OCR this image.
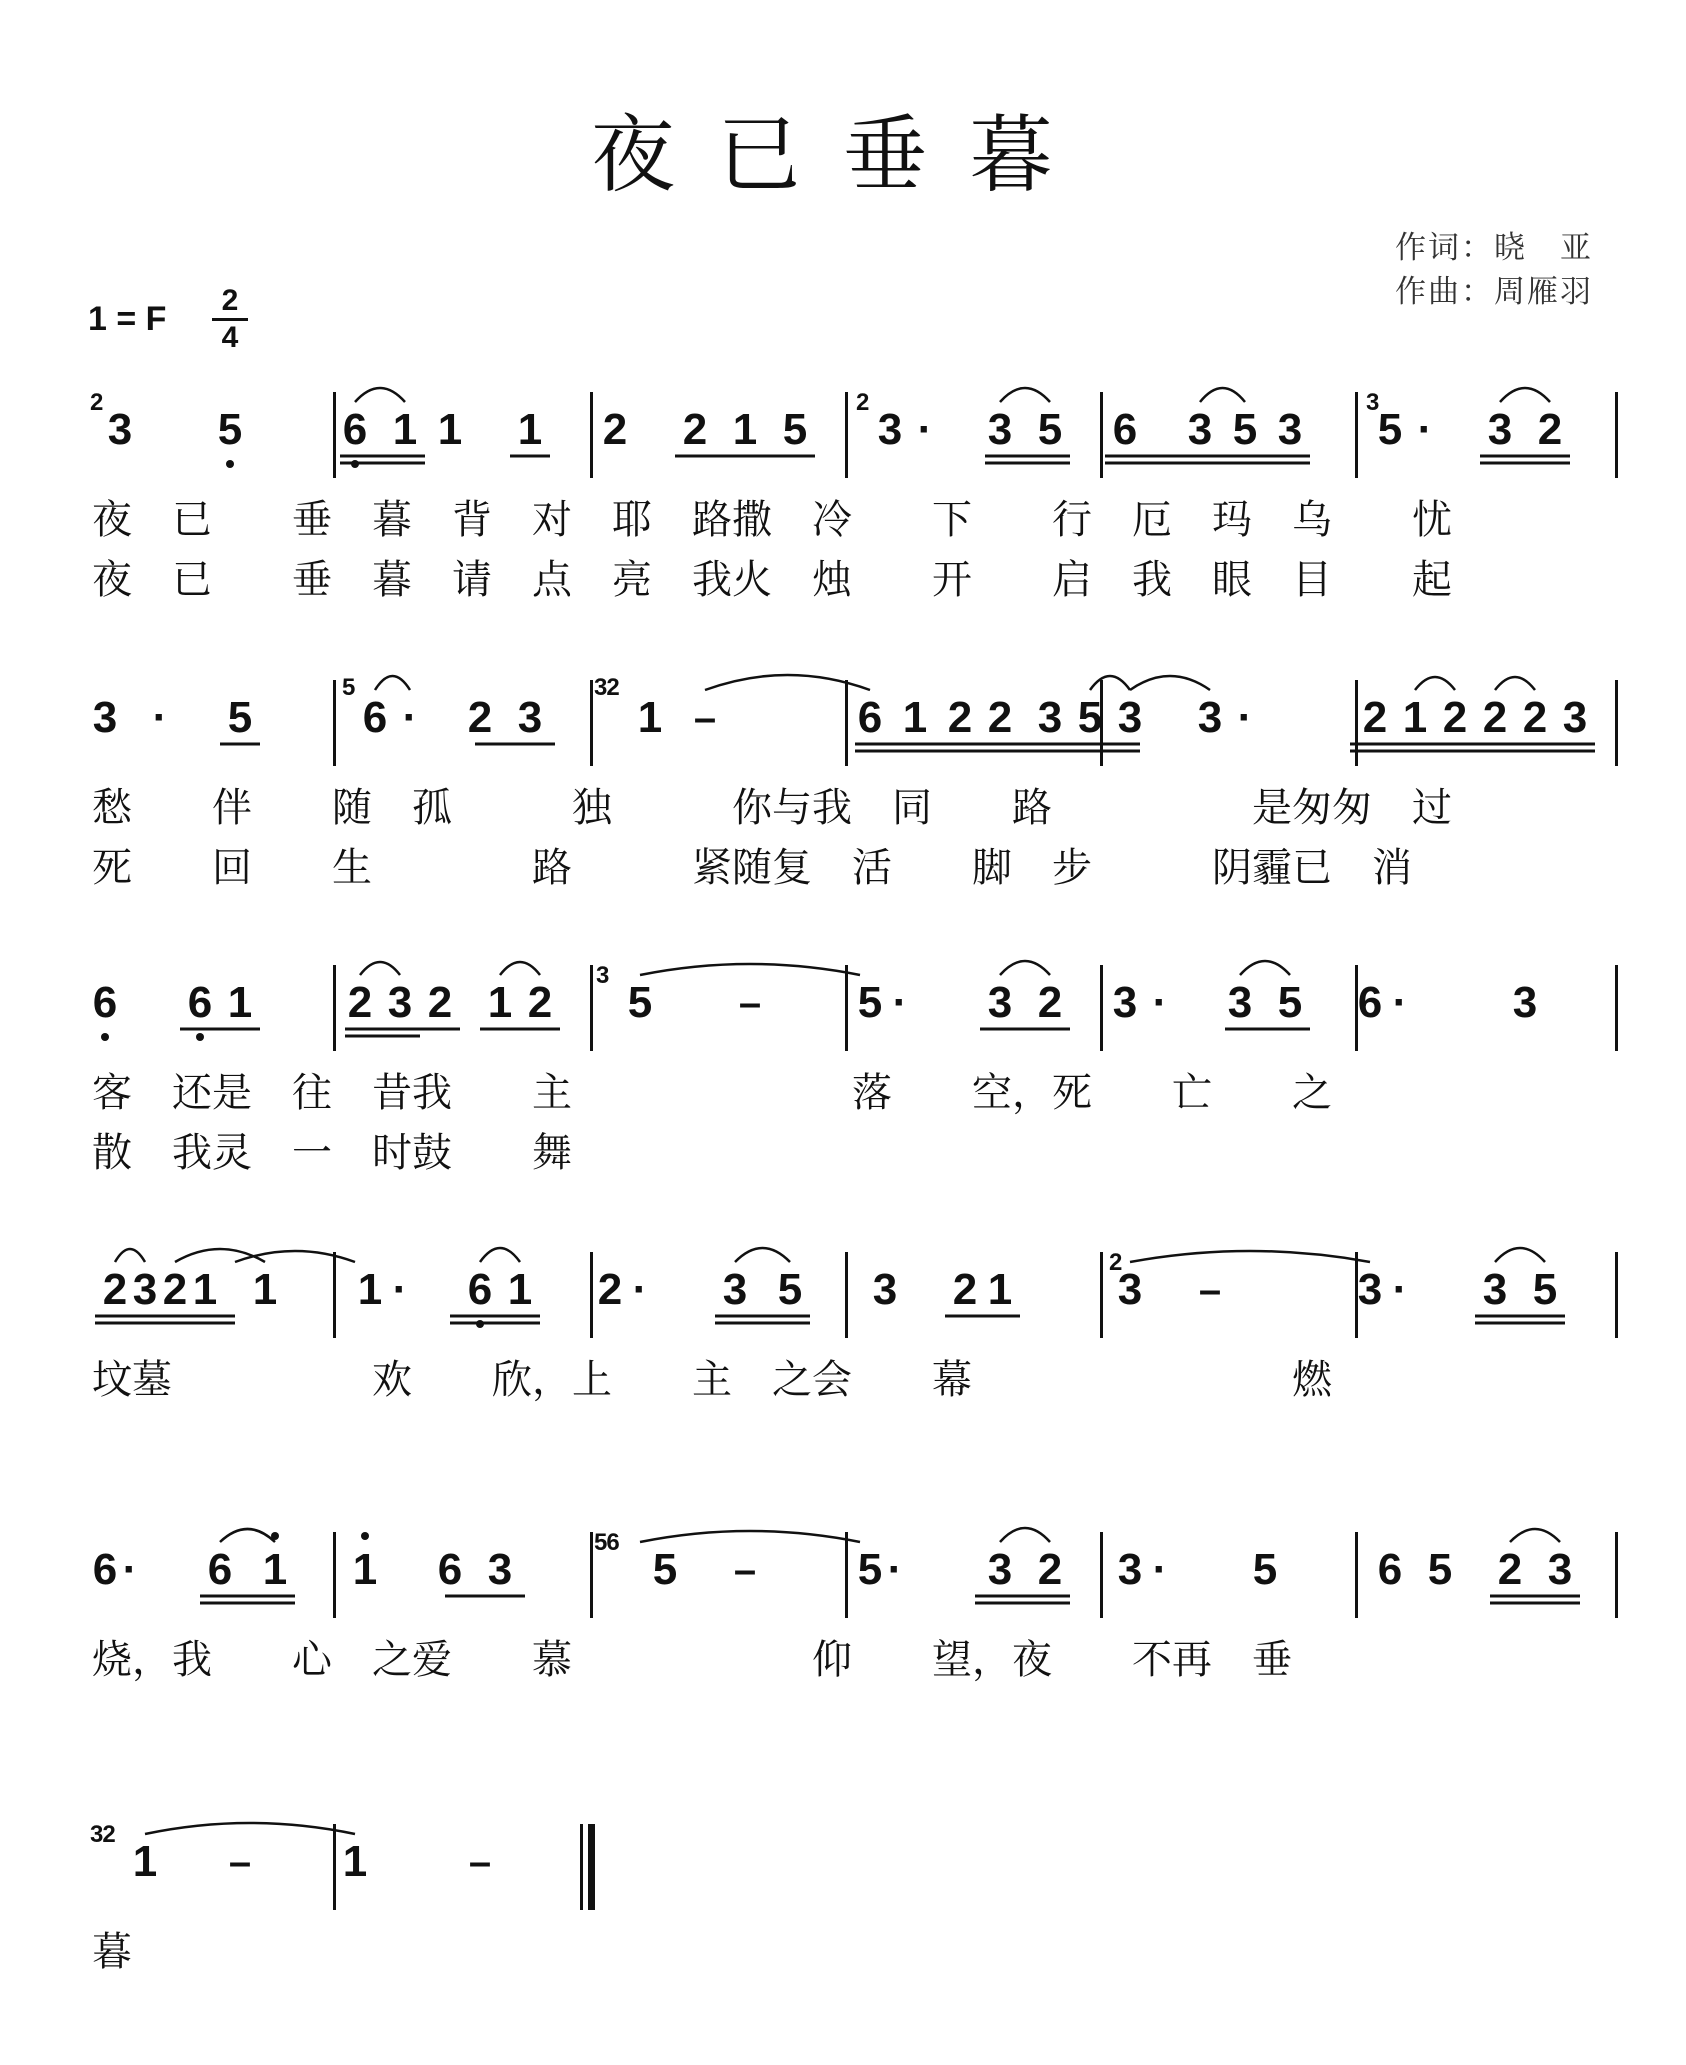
夜已垂暮
作词：晓　亚
作曲：周雁羽
1 = F	2
4
3 5 6 1 1 1 2 2 1 5 3 · 3 5 6 3 5 3 5 · 3 2
2	2	3
夜　已　　垂　暮　背　对　耶　路撒　冷　　下　　行　厄　玛　乌　　忧
夜　已　　垂　暮　请　点　亮　我火　烛　　开　　启　我　眼　目　　起
3 · 5	6 · 2 3 1 –	6 1 2 2 3 5 3 3 ·	2 1 2 2 2 3
5	32
愁　　伴　　随　孤　　　独　　　你与我　同　　路　　　　　是匆匆　过
死　　回　　生　　　　路　　　紧随复　活　　脚　步　　　阴霾已　消
6 6 1 2 3 2 1 2 5 – 5 · 3 2 3 · 3 5 6 · 3
3
客　还是　往　昔我　　主　　　　　　　落　　空，死　　亡　　之
散　我灵　一　时鼓　　舞
2 3 2 1 1 1 · 6 1 2 · 3 5 3 2 1 3 –	3 · 3 5
2
坟墓　　　　　欢　　欣，上　　主　之会　　幕　　　　　　　　燃
6 · 6 1 1 6 3	5 – 5 · 3 2 3 · 5 6 5 2 3
56
烧，我　　心　之爱　　慕　　　　　　仰　　望，夜　　不再　垂
1 – 1	–
32
暮
